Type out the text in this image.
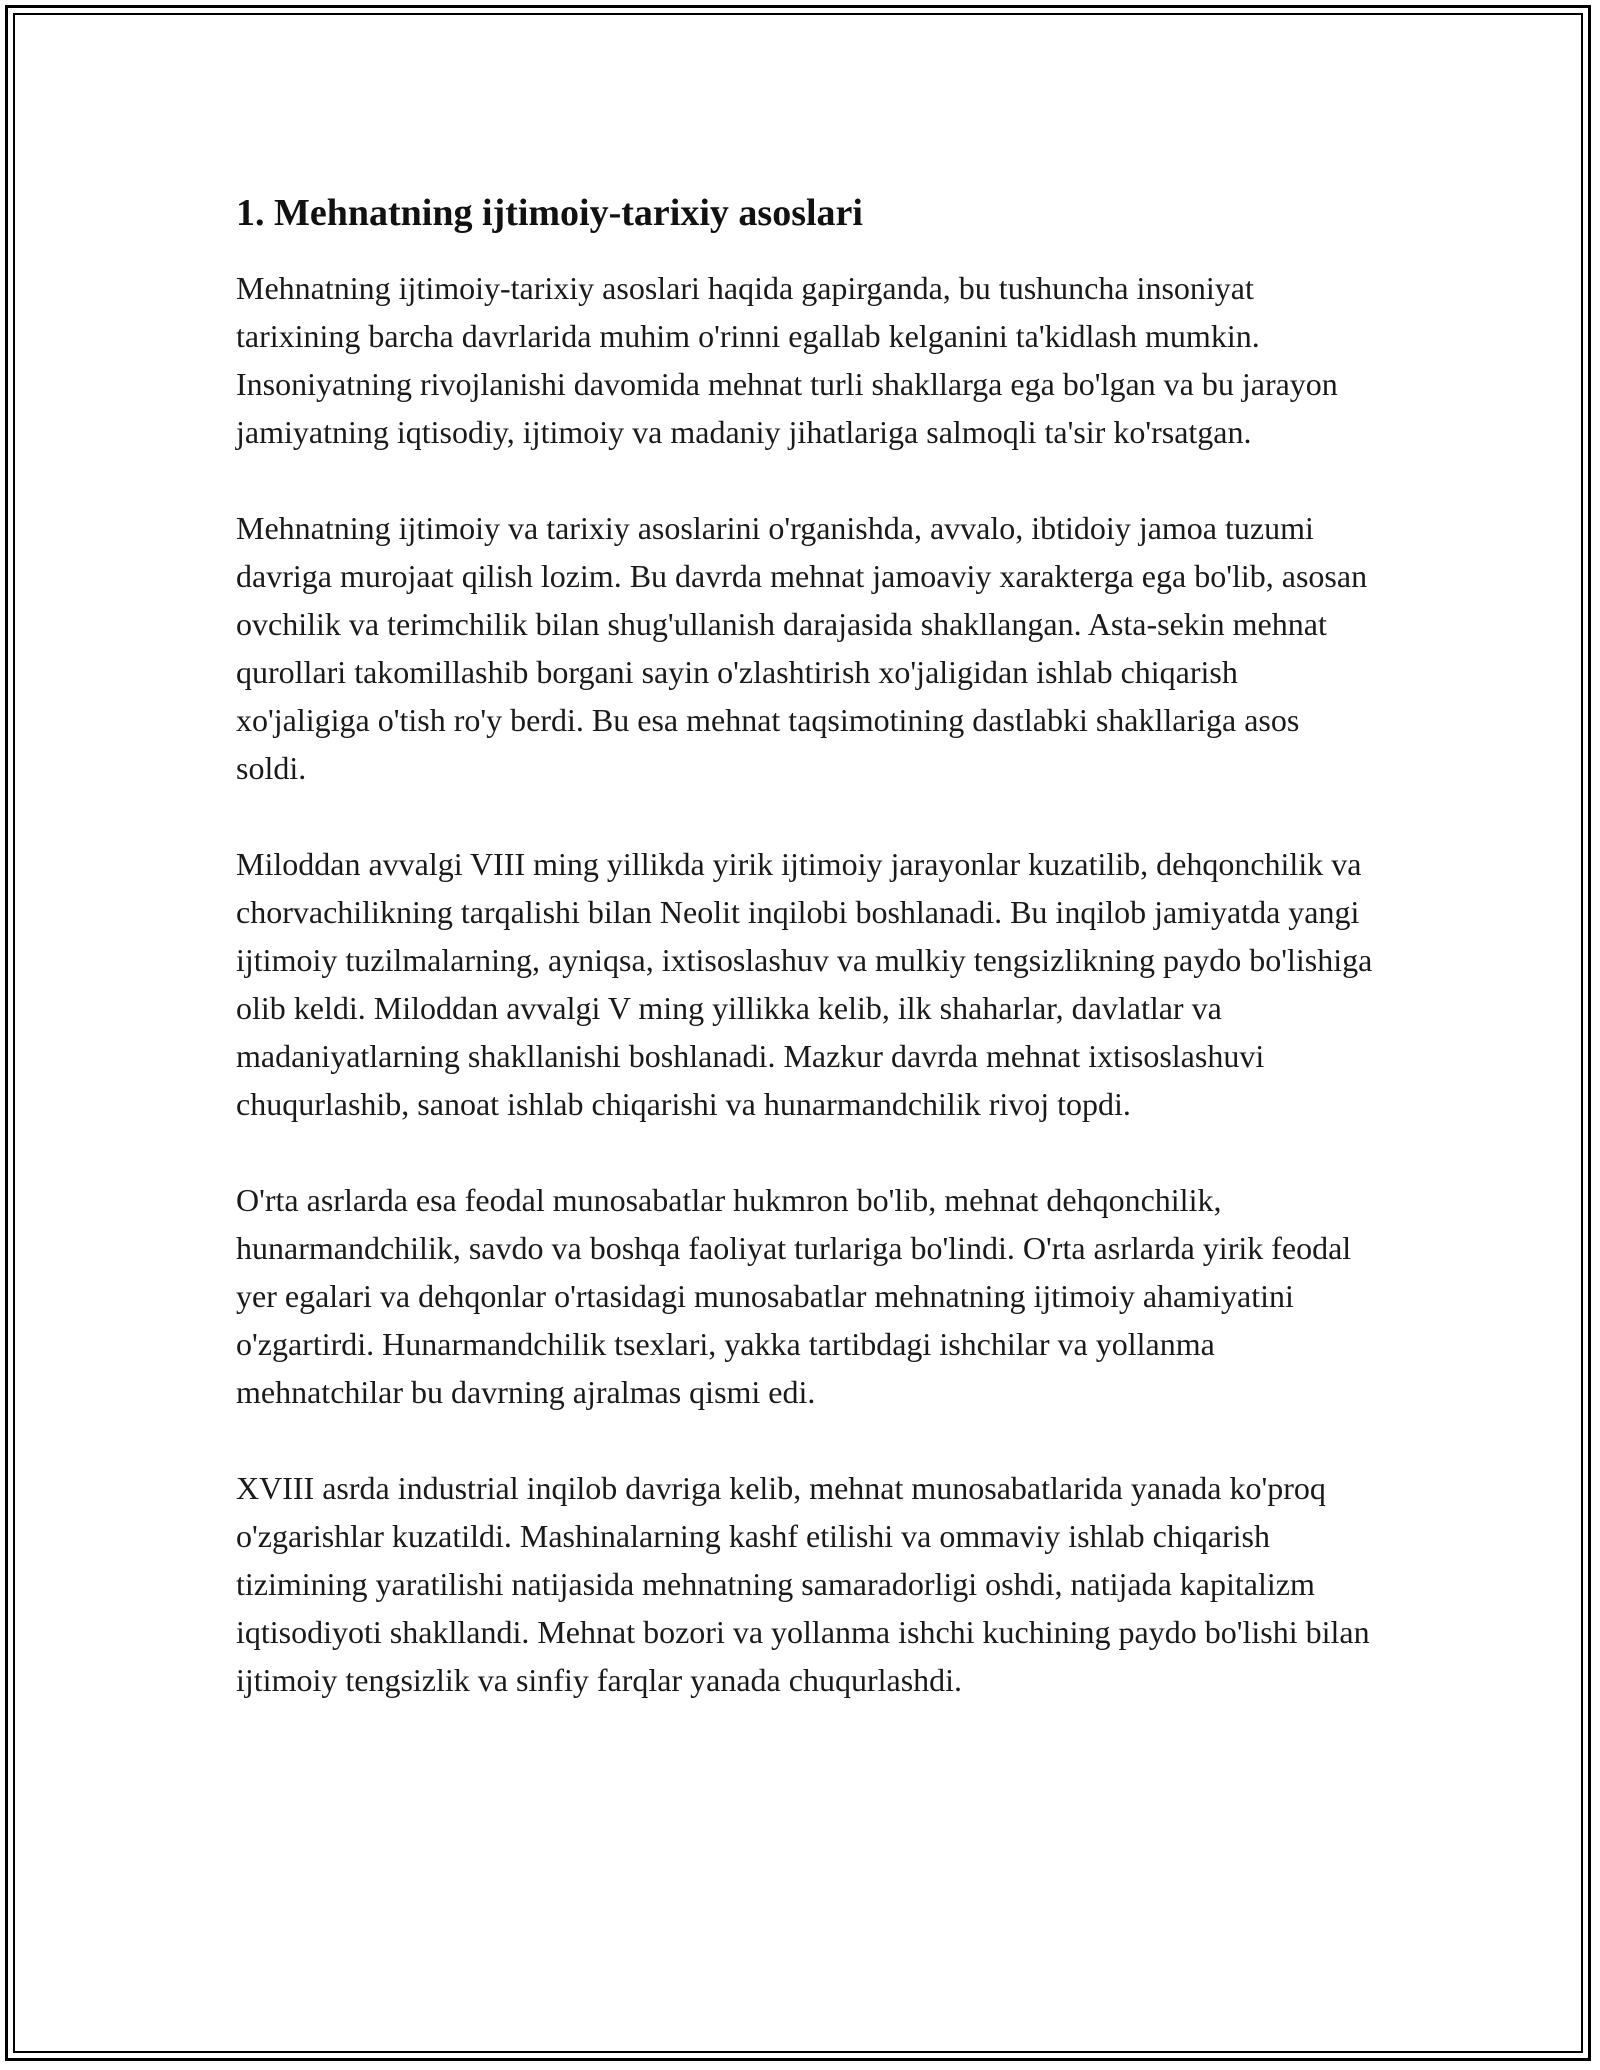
1. Mehnatning ijtimoiy-tarixiy asoslari

Mehnatning ijtimoiy-tarixiy asoslari haqida gapirganda, bu tushuncha insoniyat tarixining barcha davrlarida muhim o'rinni egallab kelganini ta'kidlash mumkin. Insoniyatning rivojlanishi davomida mehnat turli shakllarga ega bo'lgan va bu jarayon jamiyatning iqtisodiy, ijtimoiy va madaniy jihatlariga salmoqli ta'sir ko'rsatgan.

Mehnatning ijtimoiy va tarixiy asoslarini o'rganishda, avvalo, ibtidoiy jamoa tuzumi davriga murojaat qilish lozim. Bu davrda mehnat jamoaviy xarakterga ega bo'lib, asosan ovchilik va terimchilik bilan shug'ullanish darajasida shakllangan. Asta-sekin mehnat qurollari takomillashib borgani sayin o'zlashtirish xo'jaligidan ishlab chiqarish xo'jaligiga o'tish ro'y berdi. Bu esa mehnat taqsimotining dastlabki shakllariga asos soldi.

Miloddan avvalgi VIII ming yillikda yirik ijtimoiy jarayonlar kuzatilib, dehqonchilik va chorvachilikning tarqalishi bilan Neolit inqilobi boshlanadi. Bu inqilob jamiyatda yangi ijtimoiy tuzilmalarning, ayniqsa, ixtisoslashuv va mulkiy tengsizlikning paydo bo'lishiga olib keldi. Miloddan avvalgi V ming yillikka kelib, ilk shaharlar, davlatlar va madaniyatlarning shakllanishi boshlanadi. Mazkur davrda mehnat ixtisoslashuvi chuqurlashib, sanoat ishlab chiqarishi va hunarmandchilik rivoj topdi.

O'rta asrlarda esa feodal munosabatlar hukmron bo'lib, mehnat dehqonchilik, hunarmandchilik, savdo va boshqa faoliyat turlariga bo'lindi. O'rta asrlarda yirik feodal yer egalari va dehqonlar o'rtasidagi munosabatlar mehnatning ijtimoiy ahamiyatini o'zgartirdi. Hunarmandchilik tsexlari, yakka tartibdagi ishchilar va yollanma mehnatchilar bu davrning ajralmas qismi edi.

XVIII asrda industrial inqilob davriga kelib, mehnat munosabatlarida yanada ko'proq o'zgarishlar kuzatildi. Mashinalarning kashf etilishi va ommaviy ishlab chiqarish tizimining yaratilishi natijasida mehnatning samaradorligi oshdi, natijada kapitalizm iqtisodiyoti shakllandi. Mehnat bozori va yollanma ishchi kuchining paydo bo'lishi bilan ijtimoiy tengsizlik va sinfiy farqlar yanada chuqurlashdi.
